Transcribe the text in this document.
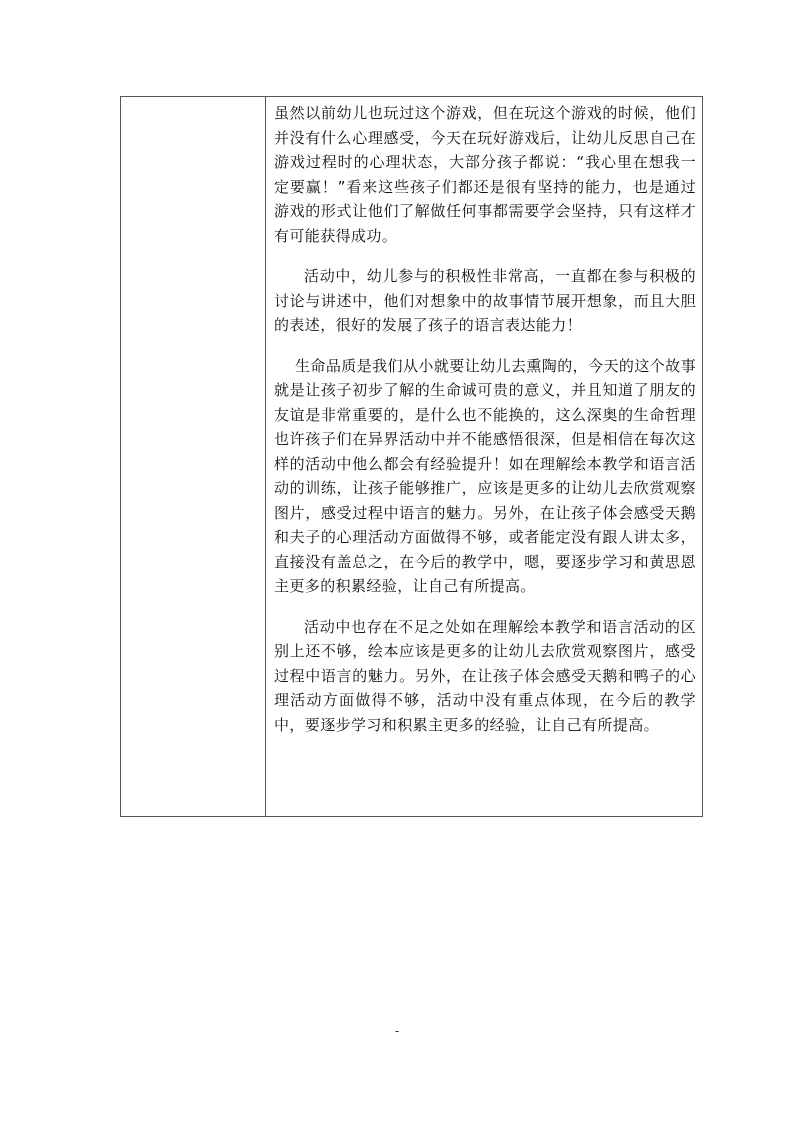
虽然以前幼儿也玩过这个游戏，但在玩这个游戏的时候，他们并没有什么心理感受，今天在玩好游戏后，让幼儿反思自己在游戏过程时的心理状态，大部分孩子都说：“我心里在想我一定要赢！”看来这些孩子们都还是很有坚持的能力，也是通过游戏的形式让他们了解做任何事都需要学会坚持，只有这样才有可能获得成功。

活动中，幼儿参与的积极性非常高，一直都在参与积极的讨论与讲述中，他们对想象中的故事情节展开想象，而且大胆的表述，很好的发展了孩子的语言表达能力！

生命品质是我们从小就要让幼儿去熏陶的，今天的这个故事就是让孩子初步了解的生命诚可贵的意义，并且知道了朋友的友谊是非常重要的，是什么也不能换的，这么深奥的生命哲理也许孩子们在异界活动中并不能感悟很深，但是相信在每次这样的活动中他么都会有经验提升！如在理解绘本教学和语言活动的训练，让孩子能够推广，应该是更多的让幼儿去欣赏观察图片，感受过程中语言的魅力。另外，在让孩子体会感受天鹅和夫子的心理活动方面做得不够，或者能定没有跟人讲太多，直接没有盖总之，在今后的教学中，嗯，要逐步学习和黄思恩主更多的积累经验，让自己有所提高。

活动中也存在不足之处如在理解绘本教学和语言活动的区别上还不够，绘本应该是更多的让幼儿去欣赏观察图片，感受过程中语言的魅力。另外，在让孩子体会感受天鹅和鸭子的心理活动方面做得不够，活动中没有重点体现，在今后的教学中，要逐步学习和积累主更多的经验，让自己有所提高。

-
